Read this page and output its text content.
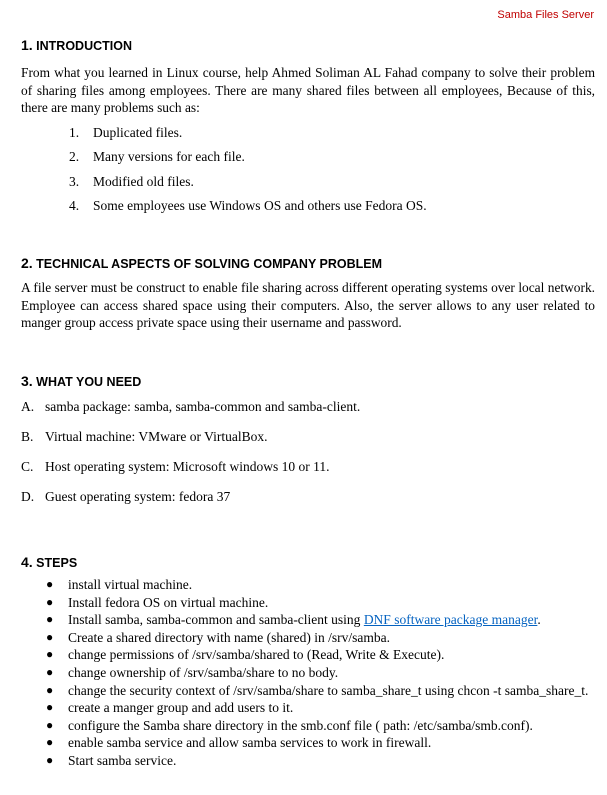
Samba Files Server
1. INTRODUCTION

From what you learned in Linux course, help Ahmed Soliman AL Fahad company to solve their problem of sharing files among employees. There are many shared files between all employees, Because of this, there are many problems such as:

1. Duplicated files.
2. Many versions for each file.
3. Modified old files.
4. Some employees use Windows OS and others use Fedora OS.
2. TECHNICAL ASPECTS OF SOLVING COMPANY PROBLEM

A file server must be construct to enable file sharing across different operating systems over local network. Employee can access shared space using their computers. Also, the server allows to any user related to manger group access private space using their username and password.

3. WHAT YOU NEED
A. samba package: samba, samba-common and samba-client.
B. Virtual machine: VMware or VirtualBox.
C. Host operating system: Microsoft windows 10 or 11.
D. Guest operating system: fedora 37
4. STEPS
● install virtual machine.
● Install fedora OS on virtual machine.
● Install samba, samba-common and samba-client using DNF software package manager.
● Create a shared directory with name (shared) in /srv/samba.
● change permissions of /srv/samba/shared to (Read, Write & Execute).
● change ownership of /srv/samba/share to no body.
● change the security context of /srv/samba/share to samba_share_t using chcon -t samba_share_t.
● create a manger group and add users to it.
● configure the Samba share directory in the smb.conf file ( path: /etc/samba/smb.conf).
● enable samba service and allow samba services to work in firewall.
● Start samba service.
